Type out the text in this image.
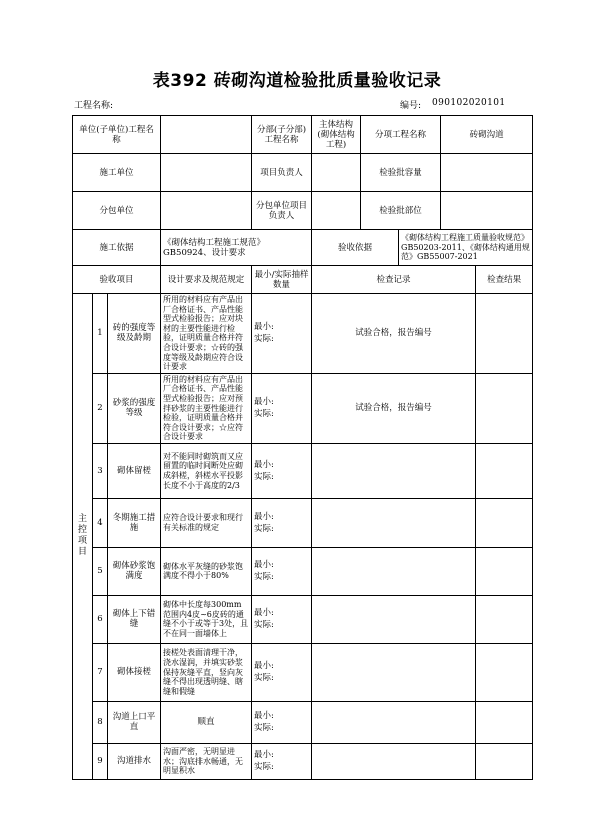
表392 砖砌沟道检验批质量验收记录
工程名称:	编号: 090102020101
单位(子单位)工程名称				分部(子分部)工程名称	主体结构(砌体结构工程)	分项工程名称		砖砌沟道	
施工单位				项目负责人		检验批容量			
分包单位				分包单位项目负责人		检验批部位			
施工依据			《砌体结构工程施工规范》GB50924、设计要求		验收依据		《砌体结构工程施工质量验收规范》GB50203-2011、《砌体结构通用规范》GB55007-2021		
验收项目			设计要求及规范规定	最小/实际抽样数量	检查记录				检查结果
主控项目	1	砖的强度等级及龄期	所用的材料应有产品出厂合格证书、产品性能型式检验报告；应对块材的主要性能进行检验，证明质量合格并符合设计要求；☆砖的强度等级及龄期应符合设计要求	最小:
实际:	试验合格，报告编号				
	2	砂浆的强度等级	所用的材料应有产品出厂合格证书、产品性能型式检验报告；应对预拌砂浆的主要性能进行检验，证明质量合格并符合设计要求；☆应符合设计要求	最小:
实际:	试验合格，报告编号				
	3	砌体留槎	对不能同时砌筑而又应留置的临时间断处应砌成斜槎，斜槎水平投影长度不小于高度的2/3	最小:
实际:					

	4	冬期施工措施	应符合设计要求和现行有关标准的规定	最小:
实际:					

	5	砌体砂浆饱满度	砌体水平灰缝的砂浆饱满度不得小于80%	最小:
实际:					

	6	砌体上下错缝	砌体中长度每300mm范围内4皮~6皮砖的通缝不小于或等于3处，且不在同一面墙体上	最小:
实际:					

	7	砌体接槎	接槎处表面清理干净，浇水湿润，并填实砂浆保持灰缝平直，竖向灰缝不得出现透明缝、瞎缝和假缝	最小:
实际:					

	8	沟道上口平直	顺直	最小:
实际:					

	9	沟道排水	沟面严密，无明显进水；沟底排水畅通，无明显积水	最小:
实际:					
